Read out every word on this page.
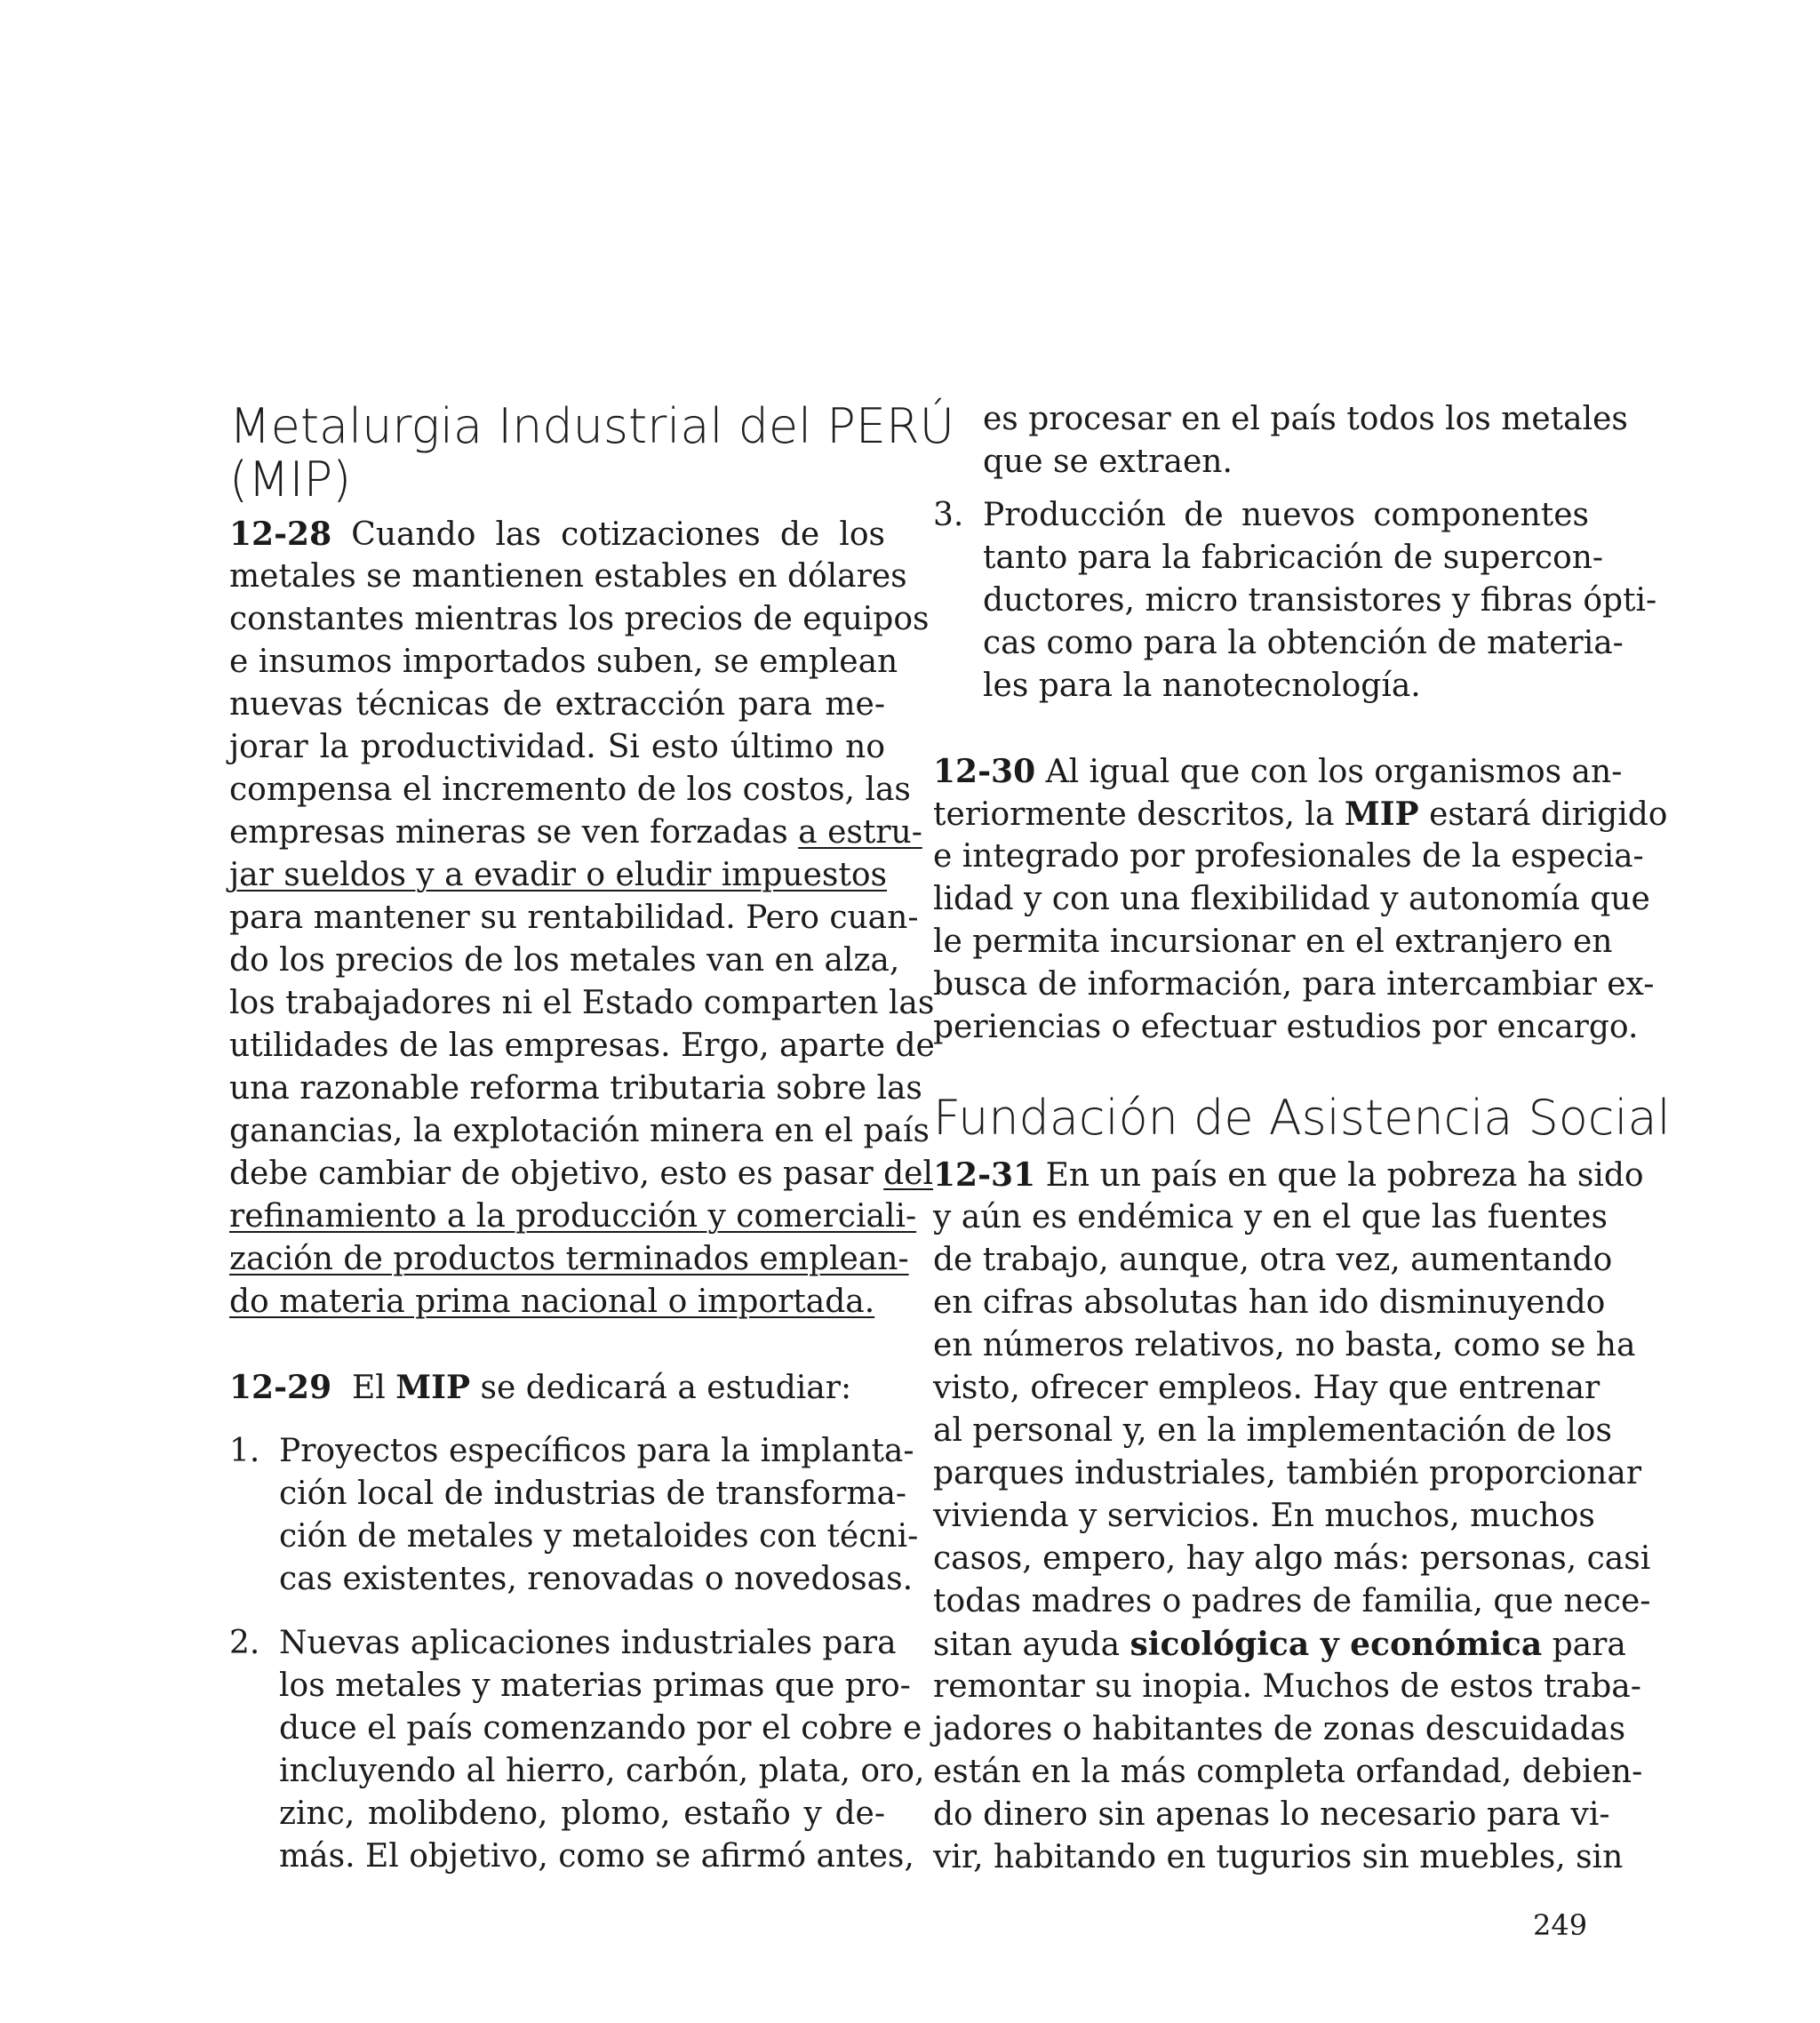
Metalurgia Industrial del PERÚ
(MIP)
12-28 Cuando las cotizaciones de los
metales se mantienen estables en dólares
constantes mientras los precios de equipos
e insumos importados suben, se emplean
nuevas técnicas de extracción para me-
jorar la productividad. Si esto último no
compensa el incremento de los costos, las
empresas mineras se ven forzadas a estru-
jar sueldos y a evadir o eludir impuestos
para mantener su rentabilidad. Pero cuan-
do los precios de los metales van en alza,
los trabajadores ni el Estado comparten las
utilidades de las empresas. Ergo, aparte de
una razonable reforma tributaria sobre las
ganancias, la explotación minera en el país
debe cambiar de objetivo, esto es pasar del
refinamiento a la producción y comerciali-
zación de productos terminados emplean-
do materia prima nacional o importada.
12-29 El MIP se dedicará a estudiar:
1. Proyectos específicos para la implanta-
ción local de industrias de transforma-
ción de metales y metaloides con técni-
cas existentes, renovadas o novedosas.
2. Nuevas aplicaciones industriales para
los metales y materias primas que pro-
duce el país comenzando por el cobre e
incluyendo al hierro, carbón, plata, oro,
zinc, molibdeno, plomo, estaño y de-
más. El objetivo, como se afirmó antes,
es procesar en el país todos los metales
que se extraen.
3. Producción de nuevos componentes
tanto para la fabricación de supercon-
ductores, micro transistores y fibras ópti-
cas como para la obtención de materia-
les para la nanotecnología.
12-30 Al igual que con los organismos an-
teriormente descritos, la MIP estará dirigido
e integrado por profesionales de la especia-
lidad y con una flexibilidad y autonomía que
le permita incursionar en el extranjero en
busca de información, para intercambiar ex-
periencias o efectuar estudios por encargo.
Fundación de Asistencia Social
12-31 En un país en que la pobreza ha sido
y aún es endémica y en el que las fuentes
de trabajo, aunque, otra vez, aumentando
en cifras absolutas han ido disminuyendo
en números relativos, no basta, como se ha
visto, ofrecer empleos. Hay que entrenar
al personal y, en la implementación de los
parques industriales, también proporcionar
vivienda y servicios. En muchos, muchos
casos, empero, hay algo más: personas, casi
todas madres o padres de familia, que nece-
sitan ayuda sicológica y económica para
remontar su inopia. Muchos de estos traba-
jadores o habitantes de zonas descuidadas
están en la más completa orfandad, debien-
do dinero sin apenas lo necesario para vi-
vir, habitando en tugurios sin muebles, sin
249
